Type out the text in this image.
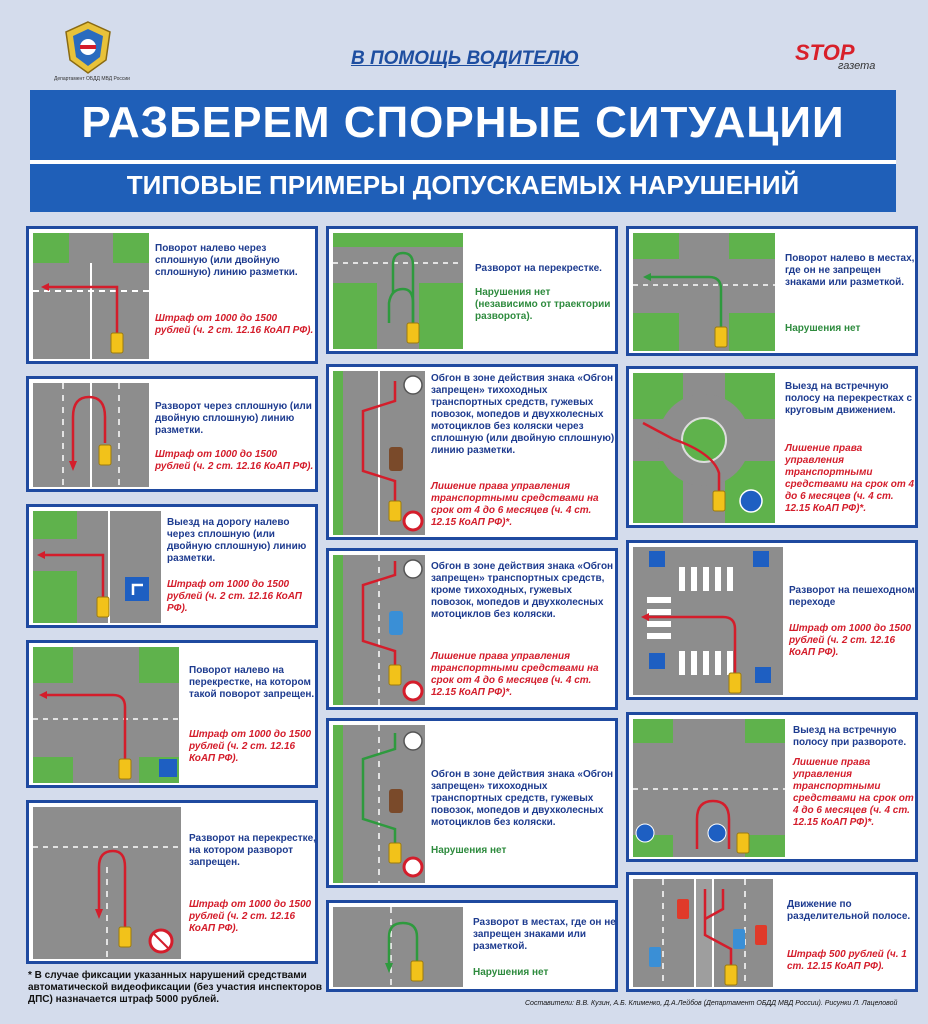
Департамент ОБДД МВД России
В ПОМОЩЬ ВОДИТЕЛЮ	STOP
газета
РАЗБЕРЕМ СПОРНЫЕ СИТУАЦИИ
ТИПОВЫЕ ПРИМЕРЫ ДОПУСКАЕМЫХ НАРУШЕНИЙ
Поворот налево через сплошную (или двойную сплошную) линию разметки.
Штраф от 1000 до 1500 рублей (ч. 2 ст. 12.16 КоАП РФ).
Разворот через сплошную (или двойную сплошную) линию разметки.
Штраф от 1000 до 1500 рублей (ч. 2 ст. 12.16 КоАП РФ).
Выезд на дорогу налево через сплошную (или двойную сплошную) линию разметки.
Штраф от 1000 до 1500 рублей (ч. 2 ст. 12.16 КоАП РФ).
Поворот налево на перекрестке, на котором такой поворот запрещен.
Штраф от 1000 до 1500 рублей (ч. 2 ст. 12.16 КоАП РФ).
Разворот на перекрестке, на котором разворот запрещен.
Штраф от 1000 до 1500 рублей (ч. 2 ст. 12.16 КоАП РФ).
Разворот на перекрестке.
Нарушения нет (независимо от траектории разворота).
Обгон в зоне действия знака «Обгон запрещен» тихоходных транспортных средств, гужевых повозок, мопедов и двухколесных мотоциклов без коляски через сплошную (или двойную сплошную) линию разметки.
Лишение права управления транспортными средствами на срок от 4 до 6 месяцев (ч. 4 ст. 12.15 КоАП РФ)*.
Обгон в зоне действия знака «Обгон запрещен» транспортных средств, кроме тихоходных, гужевых повозок, мопедов и двухколесных мотоциклов без коляски.
Лишение права управления транспортными средствами на срок от 4 до 6 месяцев (ч. 4 ст. 12.15 КоАП РФ)*.
Обгон в зоне действия знака «Обгон запрещен» тихоходных транспортных средств, гужевых повозок, мопедов и двухколесных мотоциклов без коляски.
Нарушения нет
Разворот в местах, где он не запрещен знаками или разметкой.
Нарушения нет
Поворот налево в местах, где он не запрещен знаками или разметкой.
Нарушения нет
Выезд на встречную полосу на перекрестках с круговым движением.
Лишение права управления транспортными средствами на срок от 4 до 6 месяцев (ч. 4 ст. 12.15 КоАП РФ)*.
Разворот на пешеходном переходе
Штраф от 1000 до 1500 рублей (ч. 2 ст. 12.16 КоАП РФ).
Выезд на встречную полосу при развороте.
Лишение права управления транспортными средствами на срок от 4 до 6 месяцев (ч. 4 ст. 12.15 КоАП РФ)*.
Движение по разделительной полосе.
Штраф 500 рублей (ч. 1 ст. 12.15 КоАП РФ).
* В случае фиксации указанных нарушений средствами автоматической видеофиксации (без участия инспекторов ДПС) назначается штраф 5000 рублей.	Составители: В.В. Кузин, А.Б. Клименко, Д.А.Лейбов (Департамент ОБДД МВД России). Рисунки Л. Лацеловой
